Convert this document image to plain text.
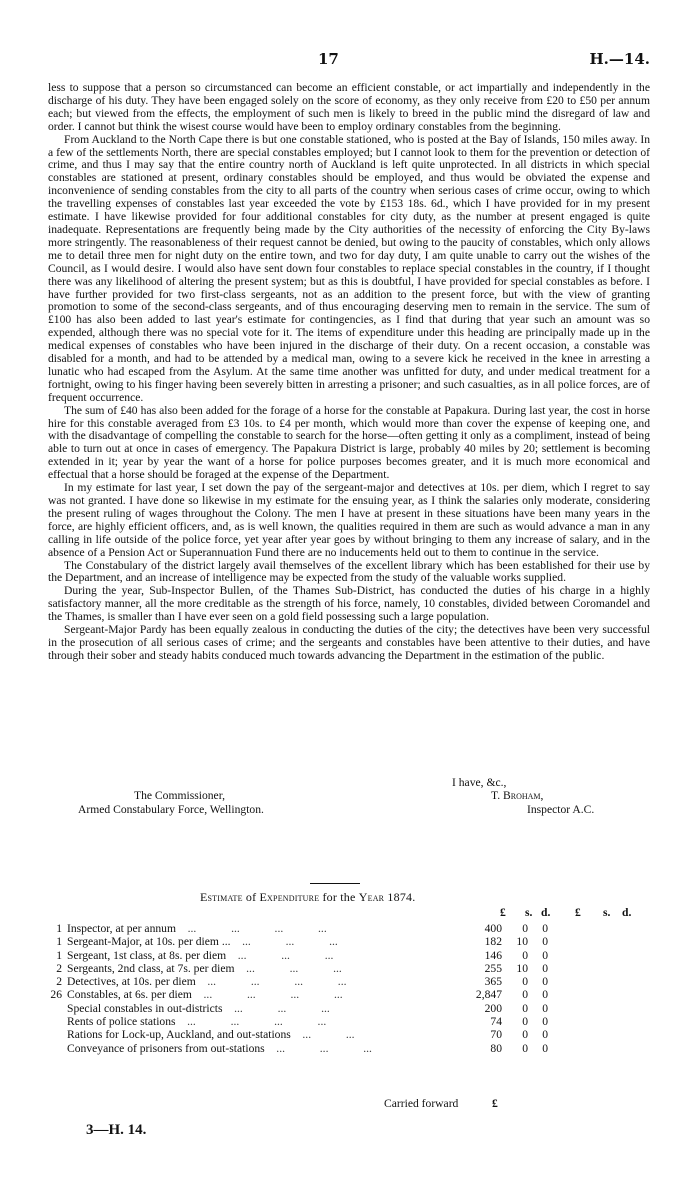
17	H.—14.

less to suppose that a person so circumstanced can become an efficient constable, or act impartially and independently in the discharge of his duty. They have been engaged solely on the score of economy, as they only receive from £20 to £50 per annum each; but viewed from the effects, the employment of such men is likely to breed in the public mind the disregard of law and order. I cannot but think the wisest course would have been to employ ordinary constables from the beginning.

From Auckland to the North Cape there is but one constable stationed, who is posted at the Bay of Islands, 150 miles away. In a few of the settlements North, there are special constables employed; but I cannot look to them for the prevention or detection of crime, and thus I may say that the entire country north of Auckland is left quite unprotected. In all districts in which special constables are stationed at present, ordinary constables should be employed, and thus would be obviated the expense and inconvenience of sending constables from the city to all parts of the country when serious cases of crime occur, owing to which the travelling expenses of constables last year exceeded the vote by £153 18s. 6d., which I have provided for in my present estimate. I have likewise provided for four additional constables for city duty, as the number at present engaged is quite inadequate. Representations are frequently being made by the City authorities of the necessity of enforcing the City By-laws more stringently. The reasonableness of their request cannot be denied, but owing to the paucity of constables, which only allows me to detail three men for night duty on the entire town, and two for day duty, I am quite unable to carry out the wishes of the Council, as I would desire. I would also have sent down four constables to replace special constables in the country, if I thought there was any likelihood of altering the present system; but as this is doubtful, I have provided for special constables as before. I have further provided for two first-class sergeants, not as an addition to the present force, but with the view of granting promotion to some of the second-class sergeants, and of thus encouraging deserving men to remain in the service. The sum of £100 has also been added to last year's estimate for contingencies, as I find that during that year such an amount was so expended, although there was no special vote for it. The items of expenditure under this heading are principally made up in the medical expenses of constables who have been injured in the discharge of their duty. On a recent occasion, a constable was disabled for a month, and had to be attended by a medical man, owing to a severe kick he received in the knee in arresting a lunatic who had escaped from the Asylum. At the same time another was unfitted for duty, and under medical treatment for a fortnight, owing to his finger having been severely bitten in arresting a prisoner; and such casualties, as in all police forces, are of frequent occurrence.

The sum of £40 has also been added for the forage of a horse for the constable at Papakura. During last year, the cost in horse hire for this constable averaged from £3 10s. to £4 per month, which would more than cover the expense of keeping one, and with the disadvantage of compelling the constable to search for the horse—often getting it only as a compliment, instead of being able to turn out at once in cases of emergency. The Papakura District is large, probably 40 miles by 20; settlement is becoming extended in it; year by year the want of a horse for police purposes becomes greater, and it is much more economical and effectual that a horse should be foraged at the expense of the Department.

In my estimate for last year, I set down the pay of the sergeant-major and detectives at 10s. per diem, which I regret to say was not granted. I have done so likewise in my estimate for the ensuing year, as I think the salaries only moderate, considering the present ruling of wages throughout the Colony. The men I have at present in these situations have been many years in the force, are highly efficient officers, and, as is well known, the qualities required in them are such as would advance a man in any calling in life outside of the police force, yet year after year goes by without bringing to them any increase of salary, and in the absence of a Pension Act or Superannuation Fund there are no inducements held out to them to continue in the service.

The Constabulary of the district largely avail themselves of the excellent library which has been established for their use by the Department, and an increase of intelligence may be expected from the study of the valuable works supplied.

During the year, Sub-Inspector Bullen, of the Thames Sub-District, has conducted the duties of his charge in a highly satisfactory manner, all the more creditable as the strength of his force, namely, 10 constables, divided between Coromandel and the Thames, is smaller than I have ever seen on a gold field possessing such a large population.

Sergeant-Major Pardy has been equally zealous in conducting the duties of the city; the detectives have been very successful in the prosecution of all serious cases of crime; and the sergeants and constables have been attentive to their duties, and have through their sober and steady habits conduced much towards advancing the Department in the estimation of the public.

I have, &c.,
The Commissioner,	T. Broham,
Armed Constabulary Force, Wellington.	Inspector A.C.
Estimate of Expenditure for the Year 1874.
£ s. d. £ s. d.
1 Inspector, at per annum ...            ...            ...            ...	400	0	0
1 Sergeant-Major, at 10s. per diem ... ...            ...            ...	182	10	0
1 Sergeant, 1st class, at 8s. per diem ...            ...            ...	146	0	0
2 Sergeants, 2nd class, at 7s. per diem ...            ...            ...	255	10	0
2 Detectives, at 10s. per diem ...            ...            ...            ...	365	0	0
26 Constables, at 6s. per diem ...            ...            ...            ...	2,847	0	0
Special constables in out-districts ...            ...            ...	200	0	0
Rents of police stations ...            ...            ...            ...	74	0	0
Rations for Lock-up, Auckland, and out-stations ...            ...	70	0	0
Conveyance of prisoners from out-stations ...            ...            ...	80	0	0
Carried forward	£
3—H. 14.
